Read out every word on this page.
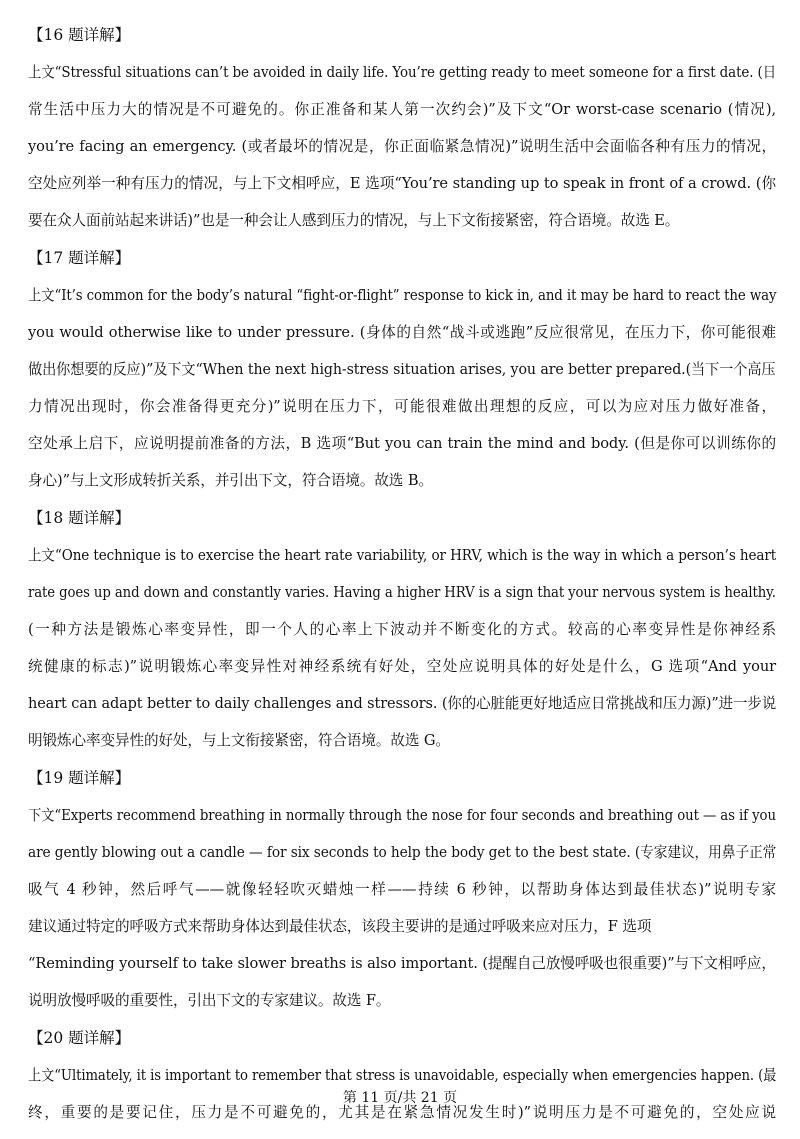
【16 题详解】
上文“Stressful situations can’t be avoided in daily life. You’re getting ready to meet someone for a first date. (日
常生活中压力大的情况是不可避免的。你正准备和某人第一次约会)”及下文“Or worst-case scenario (情况),
you’re facing an emergency. (或者最坏的情况是，你正面临紧急情况)”说明生活中会面临各种有压力的情况，
空处应列举一种有压力的情况，与上下文相呼应，E 选项“You’re standing up to speak in front of a crowd. (你
要在众人面前站起来讲话)”也是一种会让人感到压力的情况，与上下文衔接紧密，符合语境。故选 E。
【17 题详解】
上文“It’s common for the body’s natural “fight-or-flight” response to kick in, and it may be hard to react the way
you would otherwise like to under pressure. (身体的自然“战斗或逃跑”反应很常见，在压力下，你可能很难
做出你想要的反应)”及下文“When the next high-stress situation arises, you are better prepared.(当下一个高压
力情况出现时，你会准备得更充分)”说明在压力下，可能很难做出理想的反应，可以为应对压力做好准备，
空处承上启下，应说明提前准备的方法，B 选项“But you can train the mind and body. (但是你可以训练你的
身心)”与上文形成转折关系，并引出下文，符合语境。故选 B。
【18 题详解】
上文“One technique is to exercise the heart rate variability, or HRV, which is the way in which a person’s heart
rate goes up and down and constantly varies. Having a higher HRV is a sign that your nervous system is healthy.
(一种方法是锻炼心率变异性，即一个人的心率上下波动并不断变化的方式。较高的心率变异性是你神经系
统健康的标志)”说明锻炼心率变异性对神经系统有好处，空处应说明具体的好处是什么，G 选项“And your
heart can adapt better to daily challenges and stressors. (你的心脏能更好地适应日常挑战和压力源)”进一步说
明锻炼心率变异性的好处，与上文衔接紧密，符合语境。故选 G。
【19 题详解】
下文“Experts recommend breathing in normally through the nose for four seconds and breathing out — as if you
are gently blowing out a candle — for six seconds to help the body get to the best state. (专家建议，用鼻子正常
吸气 4 秒钟，然后呼气——就像轻轻吹灭蜡烛一样——持续 6 秒钟，以帮助身体达到最佳状态)”说明专家
建议通过特定的呼吸方式来帮助身体达到最佳状态，该段主要讲的是通过呼吸来应对压力，F 选项
“Reminding yourself to take slower breaths is also important. (提醒自己放慢呼吸也很重要)”与下文相呼应，
说明放慢呼吸的重要性，引出下文的专家建议。故选 F。
【20 题详解】
上文“Ultimately, it is important to remember that stress is unavoidable, especially when emergencies happen. (最
终，重要的是要记住，压力是不可避免的，尤其是在紧急情况发生时)”说明压力是不可避免的，空处应说
第 11 页/共 21 页
